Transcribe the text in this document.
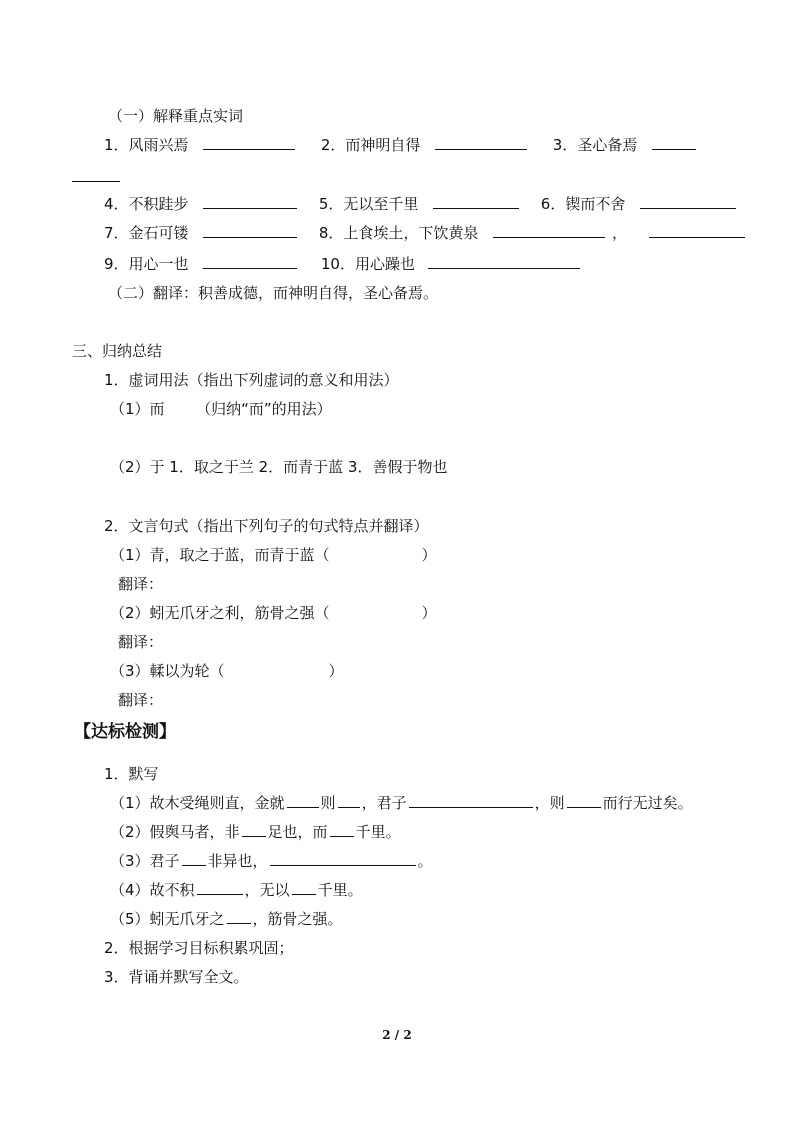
（一）解释重点实词
1．风雨兴焉	2．而神明自得	3．圣心备焉
4．不积跬步	5．无以至千里	6．锲而不舍
7．金石可镂	8．上食埃土，下饮黄泉	，
9．用心一也	10．用心躁也
（二）翻译：积善成德，而神明自得，圣心备焉。
三、归纳总结
1．虚词用法（指出下列虚词的意义和用法）
（1）而 （归纳“而”的用法）
（2）于 1．取之于兰 2．而青于蓝 3．善假于物也
2．文言句式（指出下列句子的句式特点并翻译）
（1）青，取之于蓝，而青于蓝（	）
翻译：
（2）蚓无爪牙之利，筋骨之强（	）
翻译：
（3）輮以为轮（	）
翻译：
【达标检测】
1．默写
（1）故木受绳则直，金就 则 ，君子	，则	而行无过矣。
（2）假舆马者，非 足也，而 千里。
（3）君子 非异也，	。
（4）故不积	，无以 千里。
（5）蚓无爪牙之 ，筋骨之强。
2．根据学习目标积累巩固；
3．背诵并默写全文。
2 / 2
